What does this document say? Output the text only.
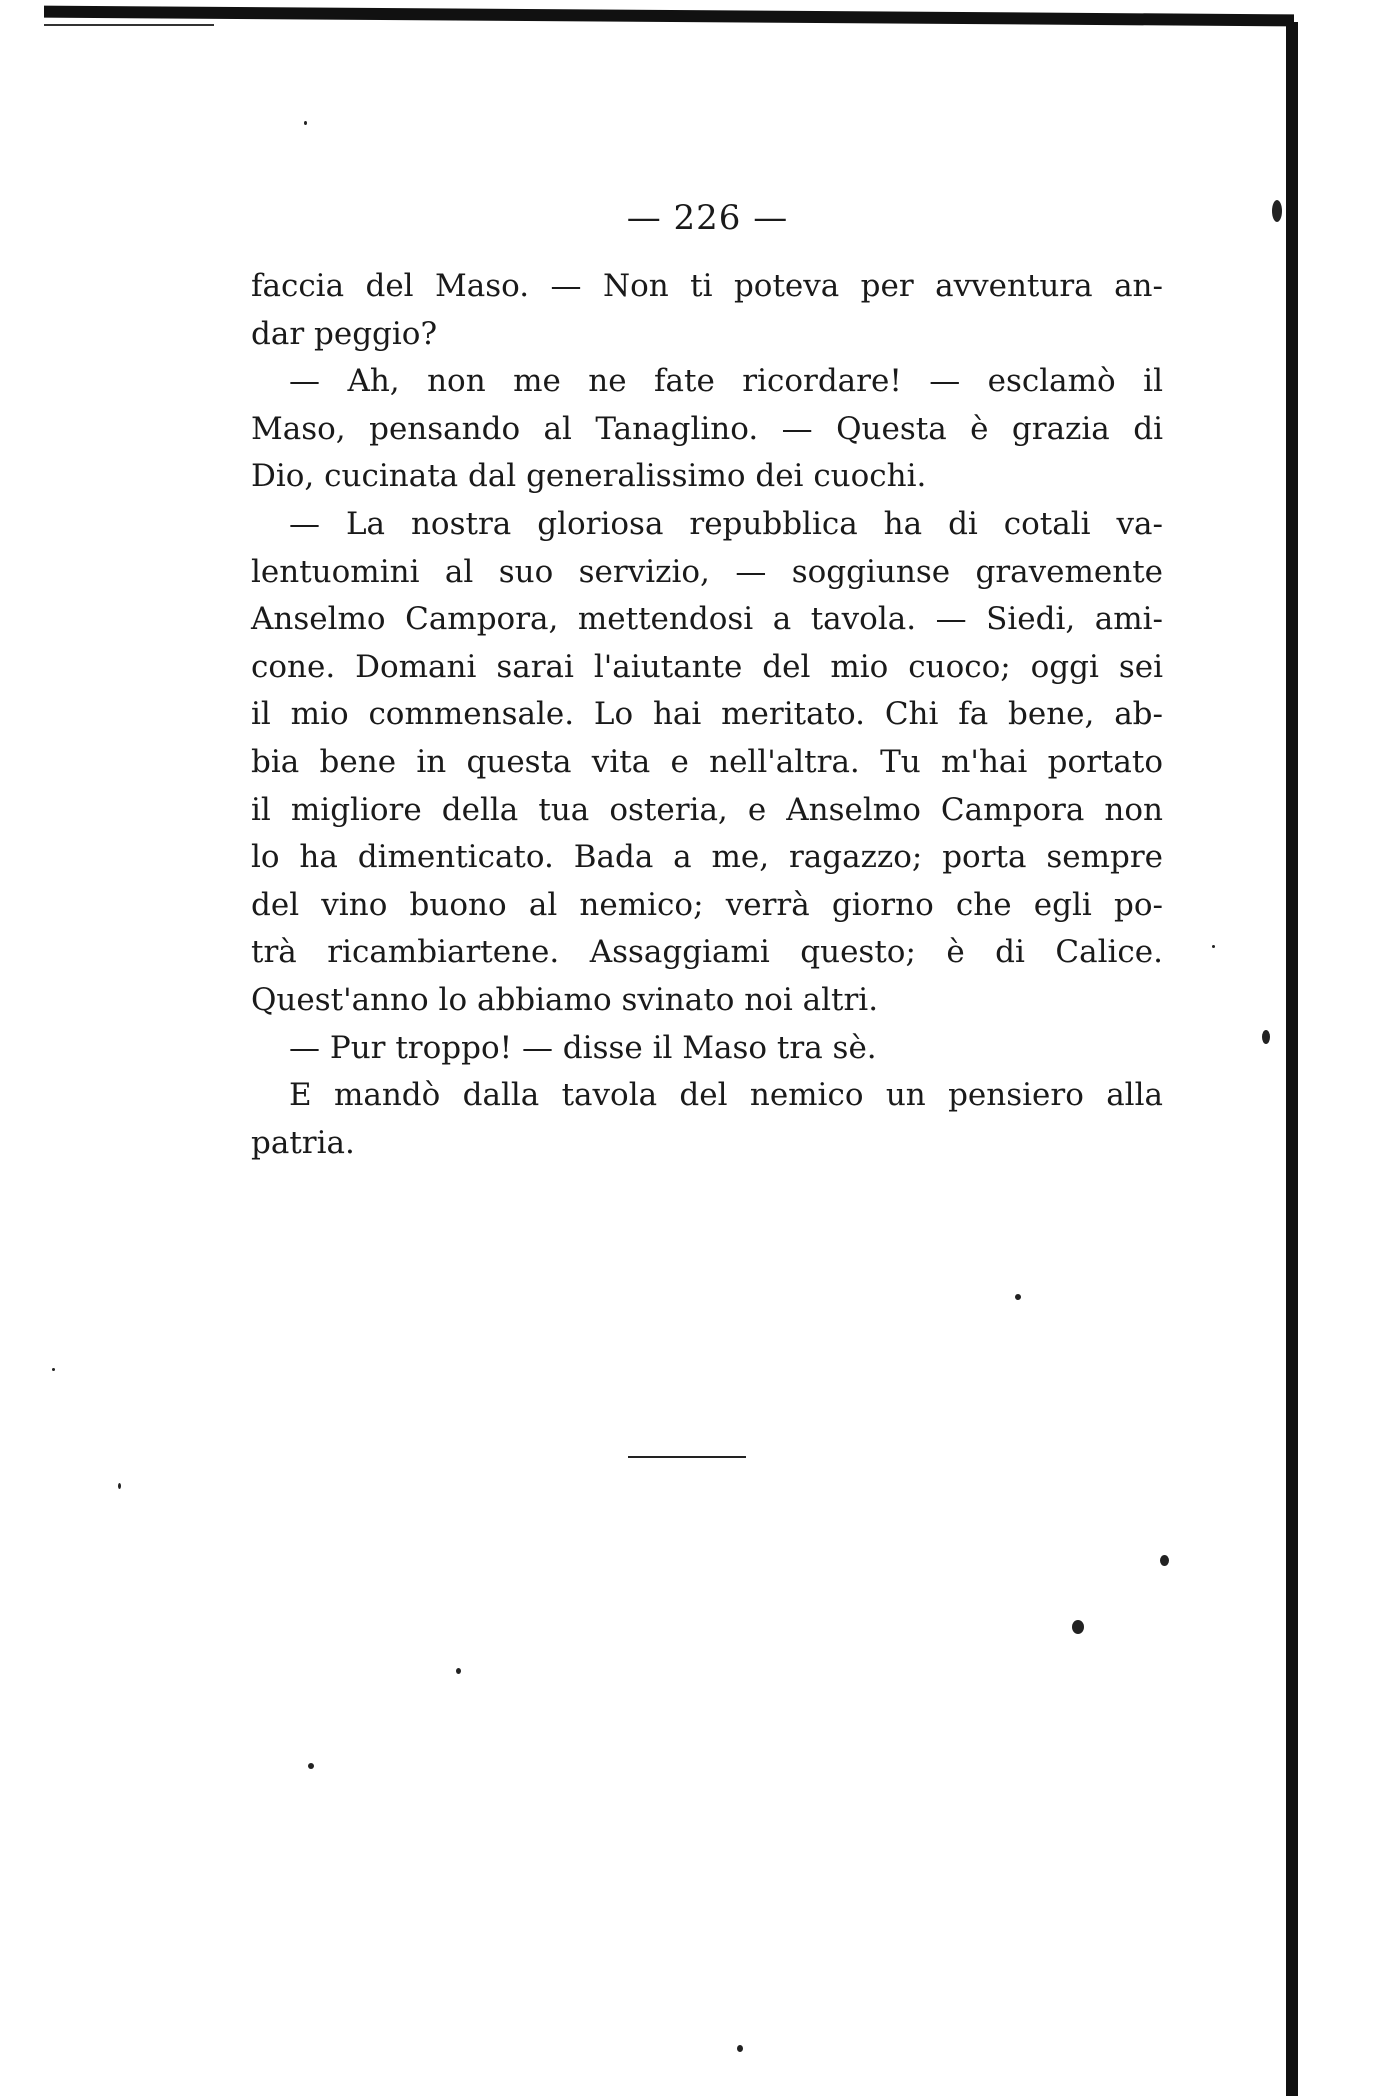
— 226 —
faccia del Maso. — Non ti poteva per avventura an-
dar peggio?
— Ah, non me ne fate ricordare! — esclamò il
Maso, pensando al Tanaglino. — Questa è grazia di
Dio, cucinata dal generalissimo dei cuochi.
— La nostra gloriosa repubblica ha di cotali va-
lentuomini al suo servizio, — soggiunse gravemente
Anselmo Campora, mettendosi a tavola. — Siedi, ami-
cone. Domani sarai l'aiutante del mio cuoco; oggi sei
il mio commensale. Lo hai meritato. Chi fa bene, ab-
bia bene in questa vita e nell'altra. Tu m'hai portato
il migliore della tua osteria, e Anselmo Campora non
lo ha dimenticato. Bada a me, ragazzo; porta sempre
del vino buono al nemico; verrà giorno che egli po-
trà ricambiartene. Assaggiami questo; è di Calice.
Quest'anno lo abbiamo svinato noi altri.
— Pur troppo! — disse il Maso tra sè.
E mandò dalla tavola del nemico un pensiero alla
patria.
